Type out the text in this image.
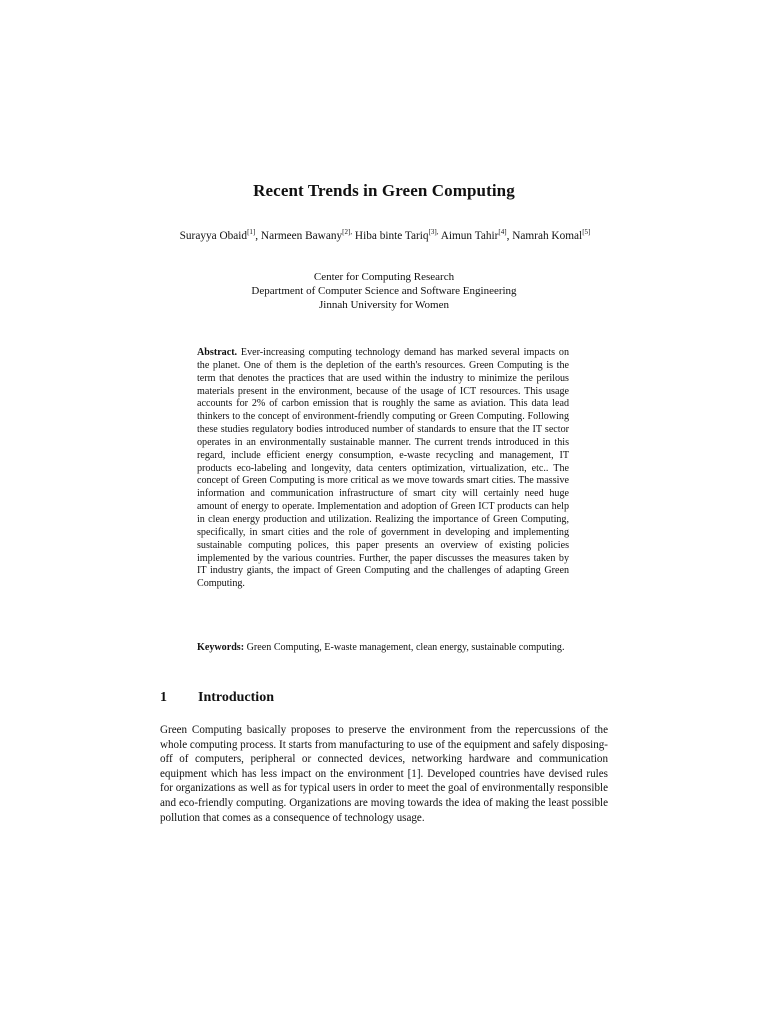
Recent Trends in Green Computing
Surayya Obaid[1], Narmeen Bawany$^{[2],}$ Hiba binte Tariq$^{[3],}$ Aimun Tahir[4], Namrah Komal[5]
Center for Computing Research
Department of Computer Science and Software Engineering
Jinnah University for Women
Abstract. Ever-increasing computing technology demand has marked several impacts on the planet. One of them is the depletion of the earth's resources. Green Computing is the term that denotes the practices that are used within the industry to minimize the perilous materials present in the environment, because of the usage of ICT resources. This usage accounts for 2% of carbon emission that is roughly the same as aviation. This data lead thinkers to the concept of environment-friendly computing or Green Computing. Following these studies regulatory bodies introduced number of standards to ensure that the IT sector operates in an environmentally sustainable manner. The current trends introduced in this regard, include efficient energy consumption, e-waste recycling and management, IT products eco-labeling and longevity, data centers optimization, virtualization, etc.. The concept of Green Computing is more critical as we move towards smart cities. The massive information and communication infrastructure of smart city will certainly need huge amount of energy to operate. Implementation and adoption of Green ICT products can help in clean energy production and utilization. Realizing the importance of Green Computing, specifically, in smart cities and the role of government in developing and implementing sustainable computing polices, this paper presents an overview of existing policies implemented by the various countries. Further, the paper discusses the measures taken by IT industry giants, the impact of Green Computing and the challenges of adapting Green Computing.
Keywords: Green Computing, E-waste management, clean energy, sustainable computing.
1 Introduction
Green Computing basically proposes to preserve the environment from the repercussions of the whole computing process. It starts from manufacturing to use of the equipment and safely disposing-off of computers, peripheral or connected devices, networking hardware and communication equipment which has less impact on the environment [1]. Developed countries have devised rules for organizations as well as for typical users in order to meet the goal of environmentally responsible and eco-friendly computing. Organizations are moving towards the idea of making the least possible pollution that comes as a consequence of technology usage.
